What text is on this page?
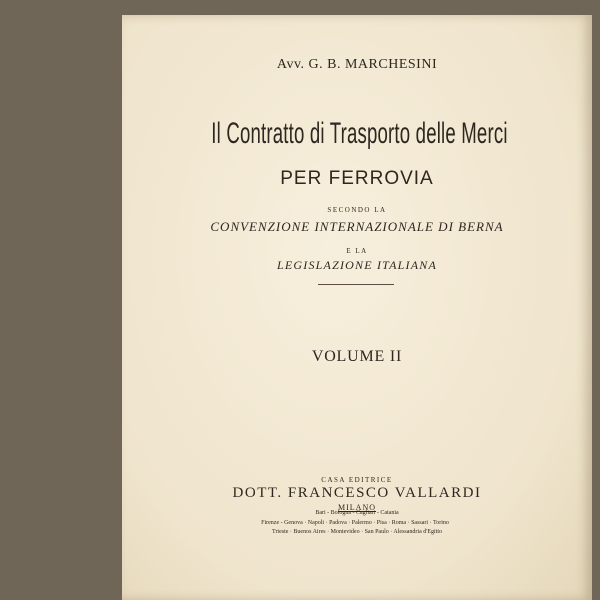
Avv. G. B. MARCHESINI
Il Contratto di Trasporto delle Merci
PER FERROVIA
SECONDO LA
CONVENZIONE INTERNAZIONALE DI BERNA
E LA
LEGISLAZIONE ITALIANA
VOLUME II
CASA EDITRICE
DOTT. FRANCESCO VALLARDI
MILANO
Bari - Bologna - Cagliari - Catania
Firenze - Genova · Napoli · Padova · Palermo · Pisa · Roma · Sassari · Torino
Trieste · Buenos Aires · Montevideo · San Paulo · Alessandria d'Egitto
